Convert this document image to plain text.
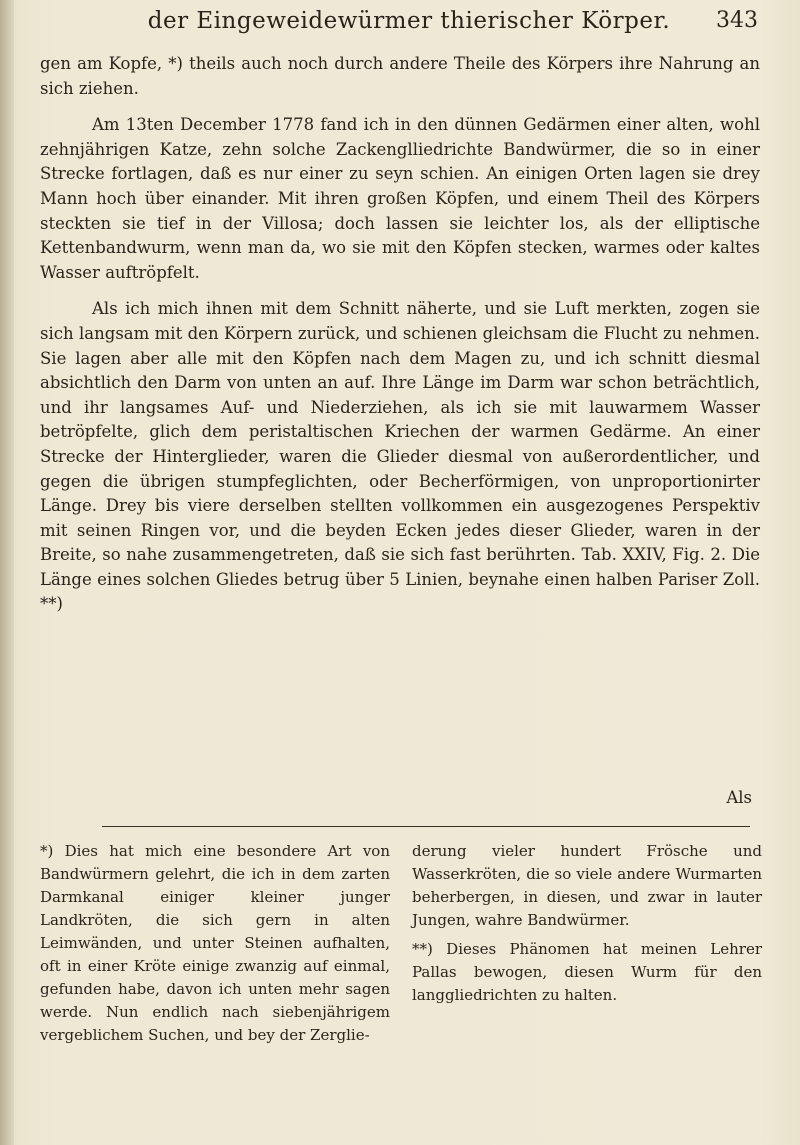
der Eingeweidewürmer thierischer Körper.	343

gen am Kopfe, *) theils auch noch durch andere Theile des Körpers ihre Nahrung an sich ziehen.

Am 13ten December 1778 fand ich in den dünnen Gedärmen einer alten, wohl zehnjährigen Katze, zehn solche Zackenglliedrichte Bandwürmer, die so in einer Strecke fortlagen, daß es nur einer zu seyn schien. An einigen Orten lagen sie drey Mann hoch über einander. Mit ihren großen Köpfen, und einem Theil des Körpers steckten sie tief in der Villosa; doch lassen sie leichter los, als der elliptische Kettenbandwurm, wenn man da, wo sie mit den Köpfen stecken, warmes oder kaltes Wasser auftröpfelt.

Als ich mich ihnen mit dem Schnitt näherte, und sie Luft merkten, zogen sie sich langsam mit den Körpern zurück, und schienen gleichsam die Flucht zu nehmen. Sie lagen aber alle mit den Köpfen nach dem Magen zu, und ich schnitt diesmal absichtlich den Darm von unten an auf. Ihre Länge im Darm war schon beträchtlich, und ihr langsames Auf- und Niederziehen, als ich sie mit lauwarmem Wasser betröpfelte, glich dem peristaltischen Kriechen der warmen Gedärme. An einer Strecke der Hinterglieder, waren die Glieder diesmal von außerordentlicher, und gegen die übrigen stumpfeglichten, oder Becherförmigen, von unproportionirter Länge. Drey bis viere derselben stellten vollkommen ein ausgezogenes Perspektiv mit seinen Ringen vor, und die beyden Ecken jedes dieser Glieder, waren in der Breite, so nahe zusammengetreten, daß sie sich fast berührten. Tab. XXIV, Fig. 2. Die Länge eines solchen Gliedes betrug über 5 Linien, beynahe einen halben Pariser Zoll. **)

Als

*) Dies hat mich eine besondere Art von Bandwürmern gelehrt, die ich in dem zarten Darmkanal einiger kleiner junger Landkröten, die sich gern in alten Leimwänden, und unter Steinen aufhalten, oft in einer Kröte einige zwanzig auf einmal, gefunden habe, davon ich unten mehr sagen werde. Nun endlich nach siebenjährigem vergeblichem Suchen, und bey der Zerglie-

derung vieler hundert Frösche und Wasserkröten, die so viele andere Wurmarten beherbergen, in diesen, und zwar in lauter Jungen, wahre Bandwürmer.

**) Dieses Phänomen hat meinen Lehrer Pallas bewogen, diesen Wurm für den langgliedrichten zu halten.
